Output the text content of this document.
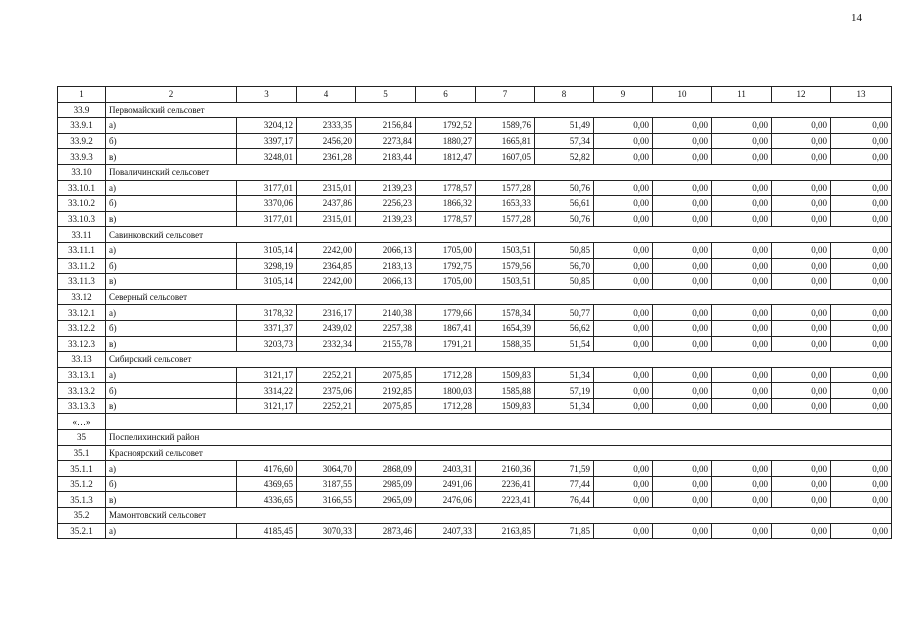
14
1	2	3	4	5	6	7	8	9	10	11	12	13
33.9	Первомайский сельсовет											
33.9.1	а)	3204,12	2333,35	2156,84	1792,52	1589,76	51,49	0,00	0,00	0,00	0,00	0,00
33.9.2	б)	3397,17	2456,20	2273,84	1880,27	1665,81	57,34	0,00	0,00	0,00	0,00	0,00
33.9.3	в)	3248,01	2361,28	2183,44	1812,47	1607,05	52,82	0,00	0,00	0,00	0,00	0,00
33.10	Поваличинский сельсовет											
33.10.1	а)	3177,01	2315,01	2139,23	1778,57	1577,28	50,76	0,00	0,00	0,00	0,00	0,00
33.10.2	б)	3370,06	2437,86	2256,23	1866,32	1653,33	56,61	0,00	0,00	0,00	0,00	0,00
33.10.3	в)	3177,01	2315,01	2139,23	1778,57	1577,28	50,76	0,00	0,00	0,00	0,00	0,00
33.11	Савинковский сельсовет											
33.11.1	а)	3105,14	2242,00	2066,13	1705,00	1503,51	50,85	0,00	0,00	0,00	0,00	0,00
33.11.2	б)	3298,19	2364,85	2183,13	1792,75	1579,56	56,70	0,00	0,00	0,00	0,00	0,00
33.11.3	в)	3105,14	2242,00	2066,13	1705,00	1503,51	50,85	0,00	0,00	0,00	0,00	0,00
33.12	Северный сельсовет											
33.12.1	а)	3178,32	2316,17	2140,38	1779,66	1578,34	50,77	0,00	0,00	0,00	0,00	0,00
33.12.2	б)	3371,37	2439,02	2257,38	1867,41	1654,39	56,62	0,00	0,00	0,00	0,00	0,00
33.12.3	в)	3203,73	2332,34	2155,78	1791,21	1588,35	51,54	0,00	0,00	0,00	0,00	0,00
33.13	Сибирский сельсовет											
33.13.1	а)	3121,17	2252,21	2075,85	1712,28	1509,83	51,34	0,00	0,00	0,00	0,00	0,00
33.13.2	б)	3314,22	2375,06	2192,85	1800,03	1585,88	57,19	0,00	0,00	0,00	0,00	0,00
33.13.3	в)	3121,17	2252,21	2075,85	1712,28	1509,83	51,34	0,00	0,00	0,00	0,00	0,00
«…»												
35	Поспелихинский район											
35.1	Красноярский сельсовет											
35.1.1	а)	4176,60	3064,70	2868,09	2403,31	2160,36	71,59	0,00	0,00	0,00	0,00	0,00
35.1.2	б)	4369,65	3187,55	2985,09	2491,06	2236,41	77,44	0,00	0,00	0,00	0,00	0,00
35.1.3	в)	4336,65	3166,55	2965,09	2476,06	2223,41	76,44	0,00	0,00	0,00	0,00	0,00
35.2	Мамонтовский сельсовет											
35.2.1	а)	4185,45	3070,33	2873,46	2407,33	2163,85	71,85	0,00	0,00	0,00	0,00	0,00
